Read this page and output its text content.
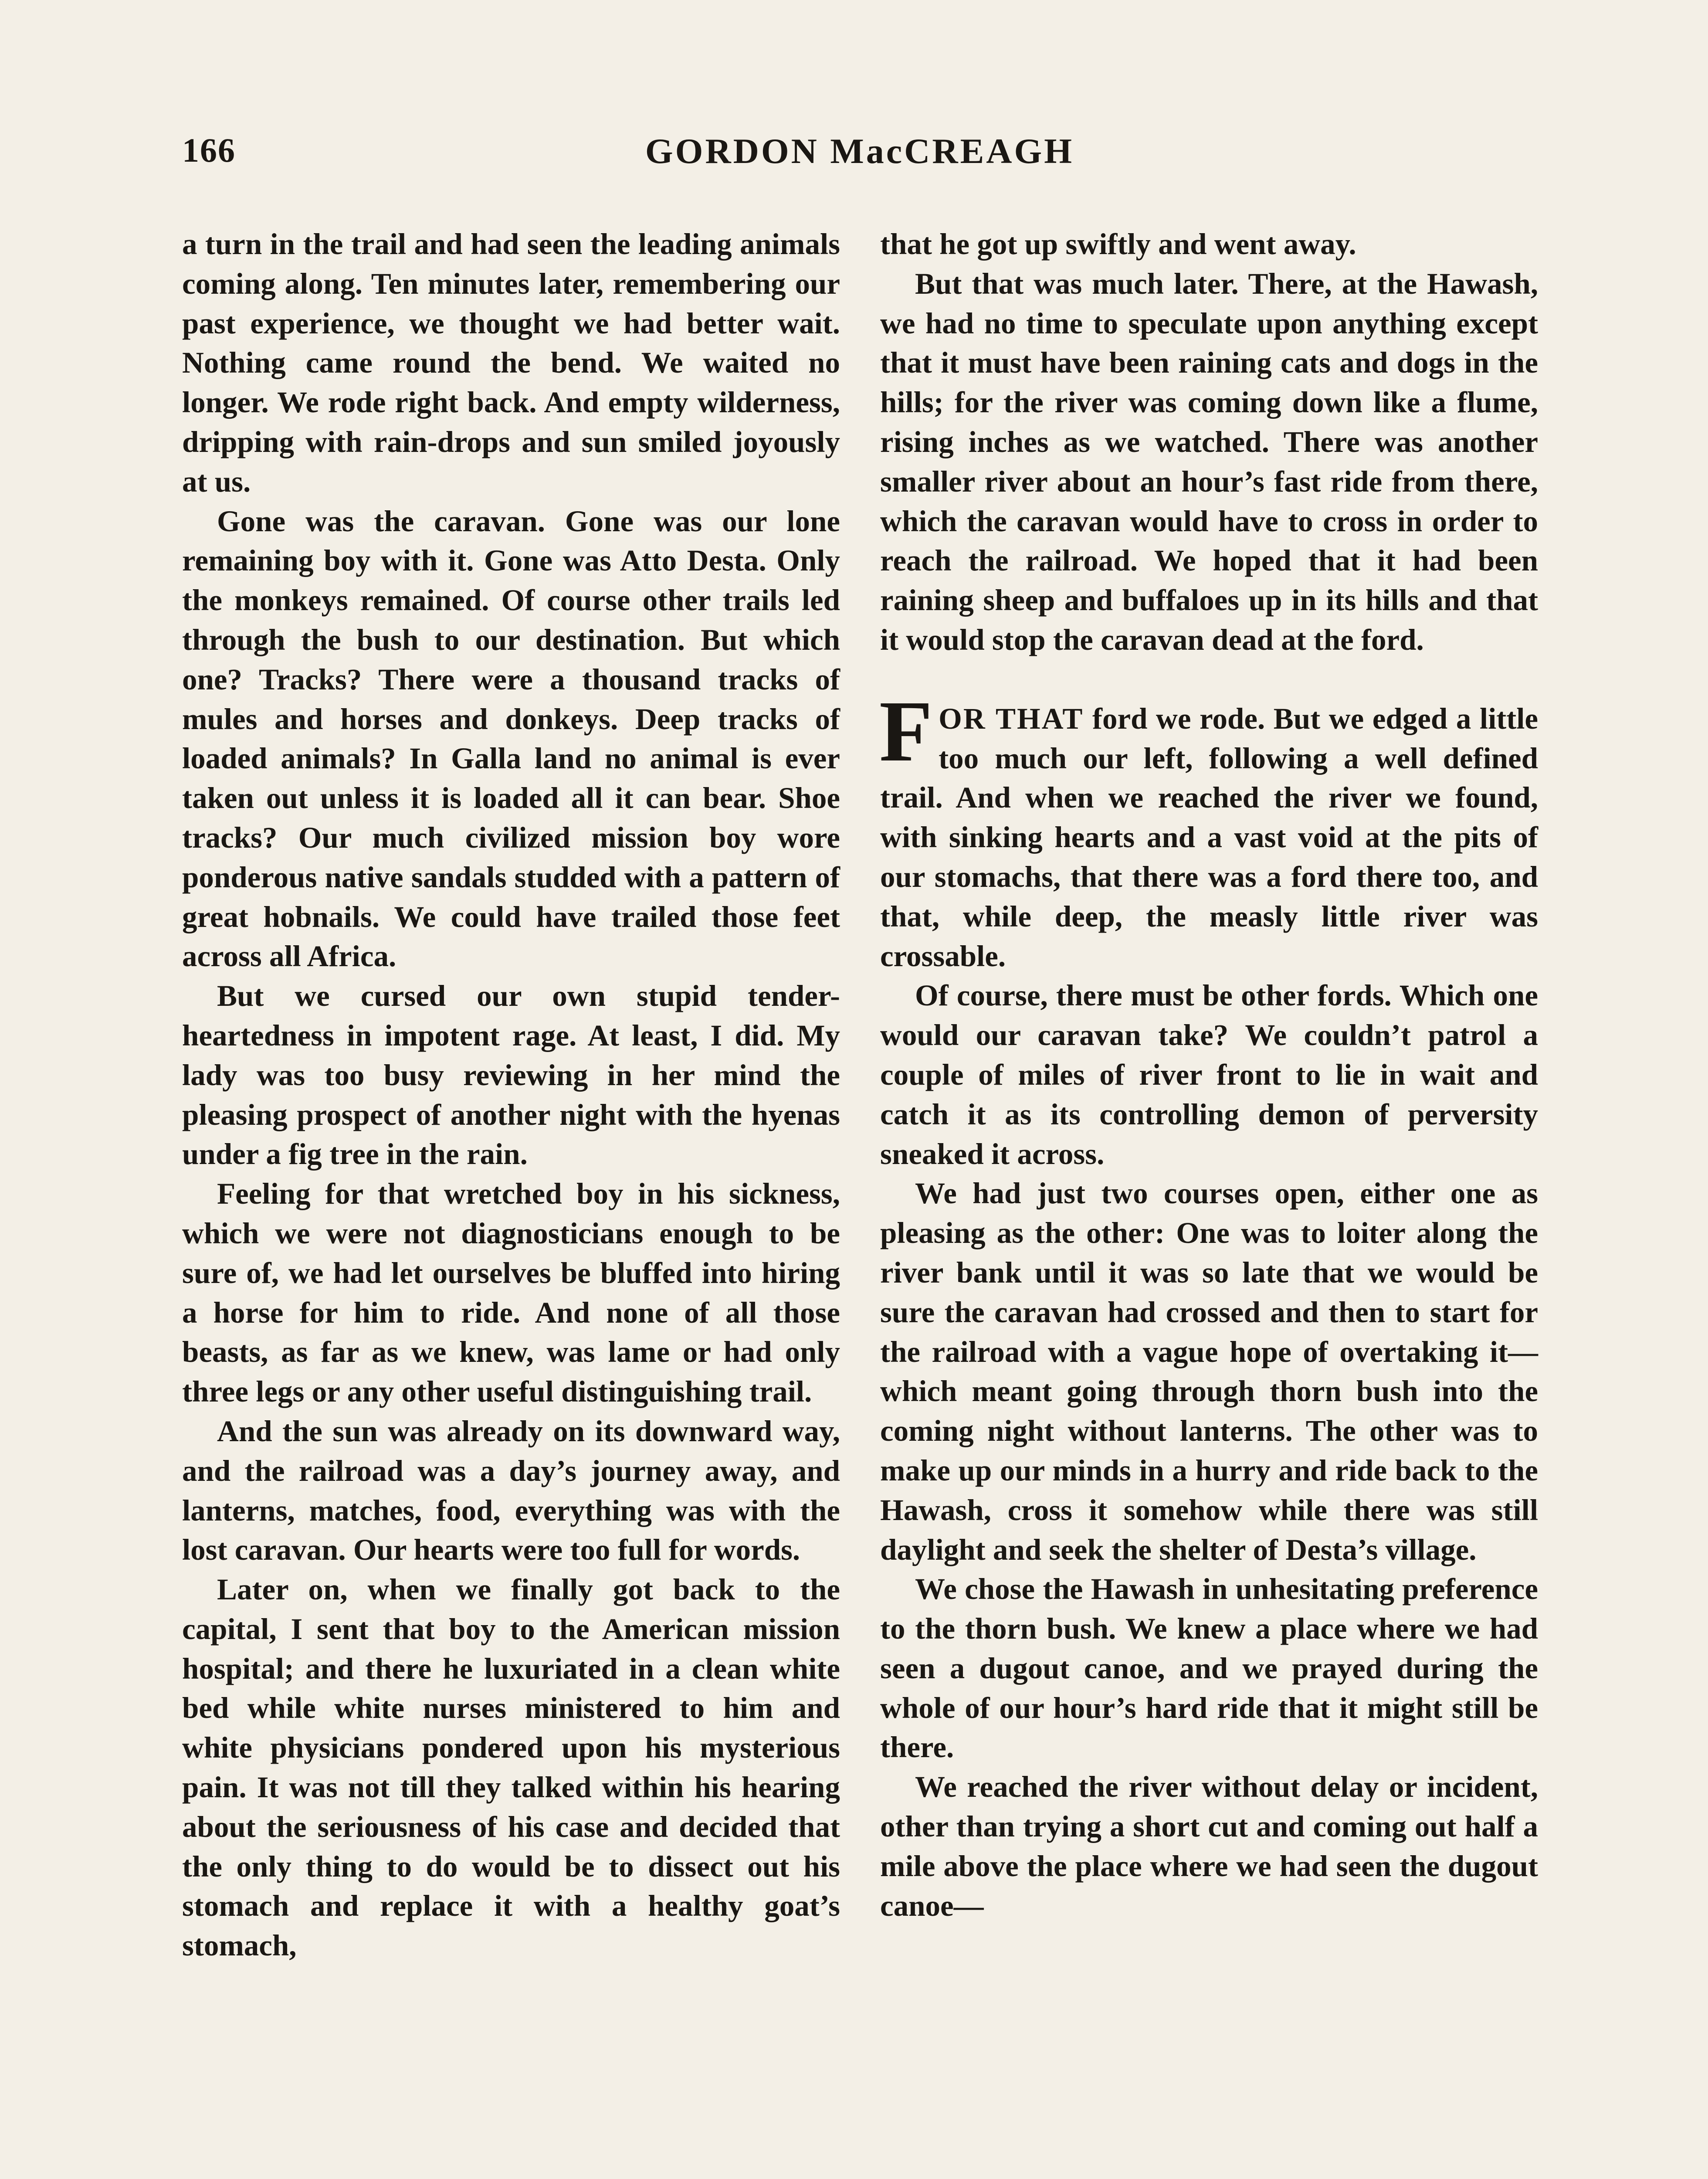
166	GORDON MacCREAGH

a turn in the trail and had seen the leading animals coming along. Ten minutes later, remembering our past experience, we thought we had better wait. Nothing came round the bend. We waited no longer. We rode right back. And empty wilderness, dripping with rain-drops and sun smiled joyously at us.

Gone was the caravan. Gone was our lone remaining boy with it. Gone was Atto Desta. Only the monkeys remained. Of course other trails led through the bush to our destination. But which one? Tracks? There were a thousand tracks of mules and horses and donkeys. Deep tracks of loaded animals? In Galla land no animal is ever taken out unless it is loaded all it can bear. Shoe tracks? Our much civilized mission boy wore ponderous native sandals studded with a pattern of great hobnails. We could have trailed those feet across all Africa.

But we cursed our own stupid tender-heartedness in impotent rage. At least, I did. My lady was too busy reviewing in her mind the pleasing prospect of another night with the hyenas under a fig tree in the rain.

Feeling for that wretched boy in his sickness, which we were not diagnosticians enough to be sure of, we had let ourselves be bluffed into hiring a horse for him to ride. And none of all those beasts, as far as we knew, was lame or had only three legs or any other useful distinguishing trail.

And the sun was already on its downward way, and the railroad was a day’s journey away, and lanterns, matches, food, everything was with the lost caravan. Our hearts were too full for words.

Later on, when we finally got back to the capital, I sent that boy to the American mission hospital; and there he luxuriated in a clean white bed while white nurses ministered to him and white physicians pondered upon his mysterious pain. It was not till they talked within his hearing about the seriousness of his case and decided that the only thing to do would be to dissect out his stomach and replace it with a healthy goat’s stomach,

that he got up swiftly and went away.

But that was much later. There, at the Hawash, we had no time to speculate upon anything except that it must have been raining cats and dogs in the hills; for the river was coming down like a flume, rising inches as we watched. There was another smaller river about an hour’s fast ride from there, which the caravan would have to cross in order to reach the railroad. We hoped that it had been raining sheep and buffaloes up in its hills and that it would stop the caravan dead at the ford.

FOR THAT ford we rode. But we edged a little too much our left, following a well defined trail. And when we reached the river we found, with sinking hearts and a vast void at the pits of our stomachs, that there was a ford there too, and that, while deep, the measly little river was crossable.

Of course, there must be other fords. Which one would our caravan take? We couldn’t patrol a couple of miles of river front to lie in wait and catch it as its controlling demon of perversity sneaked it across.

We had just two courses open, either one as pleasing as the other: One was to loiter along the river bank until it was so late that we would be sure the caravan had crossed and then to start for the railroad with a vague hope of overtaking it—which meant going through thorn bush into the coming night without lanterns. The other was to make up our minds in a hurry and ride back to the Hawash, cross it somehow while there was still daylight and seek the shelter of Desta’s village.

We chose the Hawash in unhesitating preference to the thorn bush. We knew a place where we had seen a dugout canoe, and we prayed during the whole of our hour’s hard ride that it might still be there.

We reached the river without delay or incident, other than trying a short cut and coming out half a mile above the place where we had seen the dugout canoe—
